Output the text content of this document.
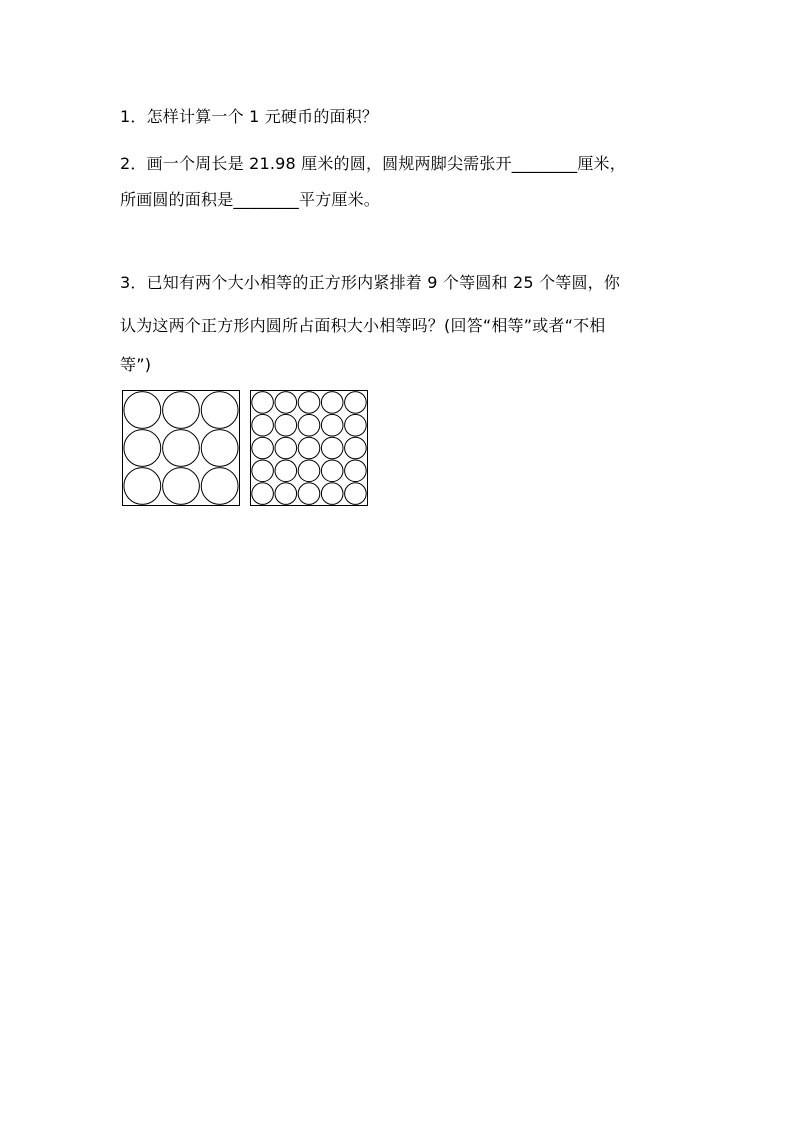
1．怎样计算一个 1 元硬币的面积？
2．画一个周长是 21.98 厘米的圆，圆规两脚尖需张开________厘米，
所画圆的面积是________平方厘米。
3．已知有两个大小相等的正方形内紧排着 9 个等圆和 25 个等圆，你
认为这两个正方形内圆所占面积大小相等吗？(回答“相等”或者“不相
等”)
